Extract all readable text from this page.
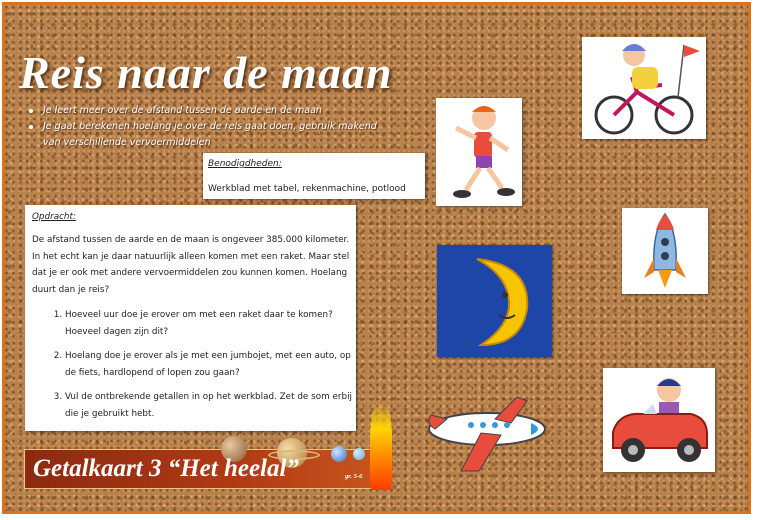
Reis naar de maan
Je leert meer over de afstand tussen de aarde en de maan
Je gaat berekenen hoelang je over de reis gaat doen, gebruik makend van verschillende vervoermiddelen
Benodigdheden:
Werkblad met tabel, rekenmachine, potlood
Opdracht:
De afstand tussen de aarde en de maan is ongeveer 385.000 kilometer. In het echt kan je daar natuurlijk alleen komen met een raket. Maar stel dat je er ook met andere vervoermiddelen zou kunnen komen. Hoelang duurt dan je reis?
1. Hoeveel uur doe je erover om met een raket daar te komen? Hoeveel dagen zijn dit?
2. Hoelang doe je erover als je met een jumbojet, met een auto, op de fiets, hardlopend of lopen zou gaan?
3. Vul de ontbrekende getallen in op het werkblad. Zet de som erbij die je gebruikt hebt.
Getalkaart 3 “Het heelal”	gr. 5-6
